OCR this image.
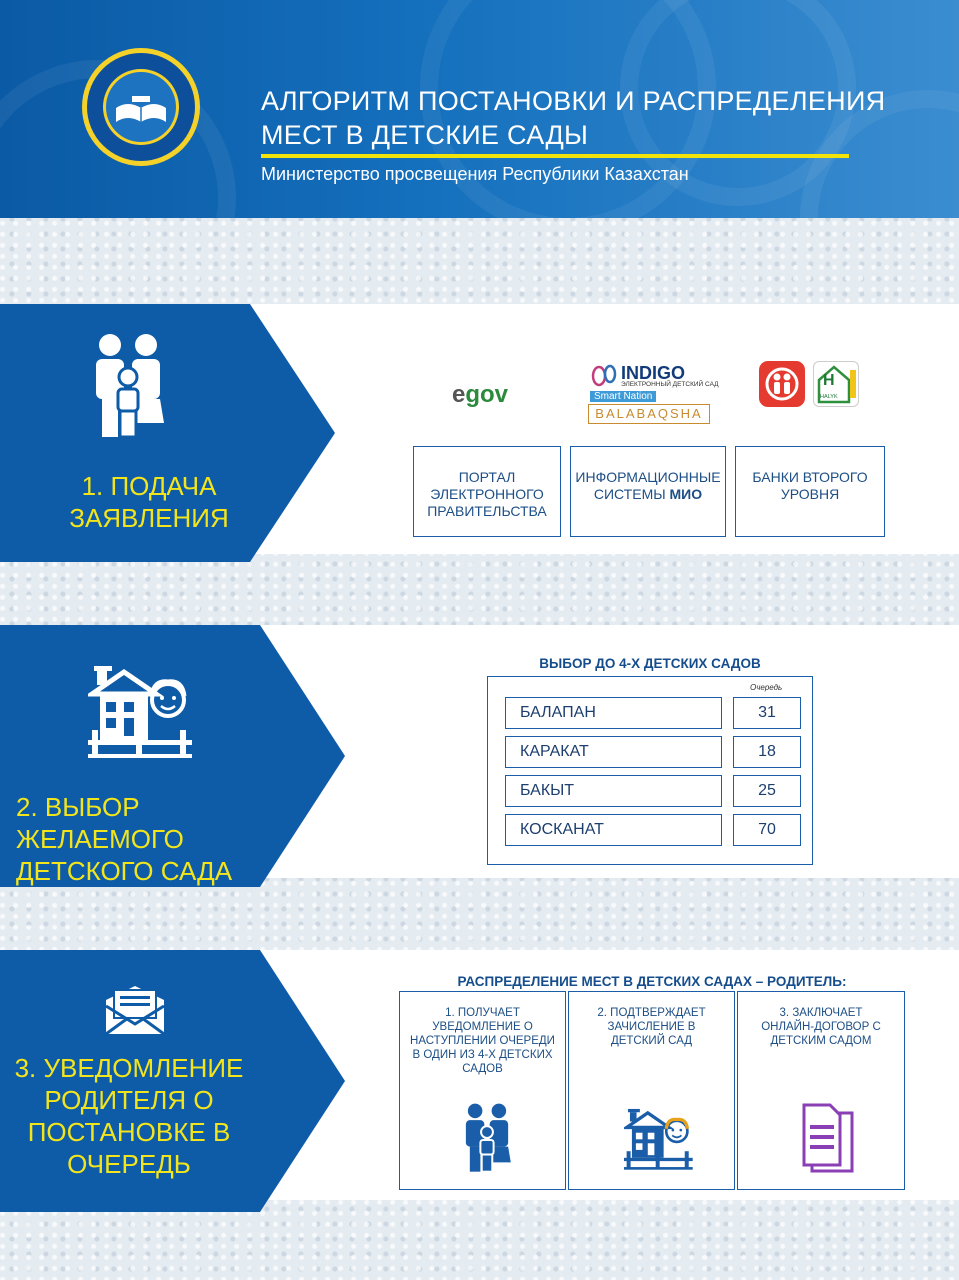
АЛГОРИТМ ПОСТАНОВКИ И РАСПРЕДЕЛЕНИЯ
МЕСТ В ДЕТСКИЕ САДЫ
Министерство просвещения Республики Казахстан
1. ПОДАЧА ЗАЯВЛЕНИЯ
egov
INDIGO
ЭЛЕКТРОННЫЙ ДЕТСКИЙ САД
Smart Nation
BALABAQSHA
H
HALYK
ПОРТАЛ ЭЛЕКТРОННОГО ПРАВИТЕЛЬСТВА
ИНФОРМАЦИОННЫЕ СИСТЕМЫ МИО
БАНКИ ВТОРОГО УРОВНЯ
2. ВЫБОР ЖЕЛАЕМОГО
ДЕТСКОГО САДА
ВЫБОР ДО 4-Х ДЕТСКИХ САДОВ
Очередь
БАЛАПАН	31
КАРАКАТ	18
БАКЫТ	25
КОСКАНАТ	70
3. УВЕДОМЛЕНИЕ
РОДИТЕЛЯ О
ПОСТАНОВКЕ В
ОЧЕРЕДЬ
РАСПРЕДЕЛЕНИЕ МЕСТ В ДЕТСКИХ САДАХ – РОДИТЕЛЬ:
1. ПОЛУЧАЕТ УВЕДОМЛЕНИЕ О НАСТУПЛЕНИИ ОЧЕРЕДИ В ОДИН ИЗ 4-Х ДЕТСКИХ САДОВ
2. ПОДТВЕРЖДАЕТ ЗАЧИСЛЕНИЕ В ДЕТСКИЙ САД
3. ЗАКЛЮЧАЕТ ОНЛАЙН-ДОГОВОР С ДЕТСКИМ САДОМ
